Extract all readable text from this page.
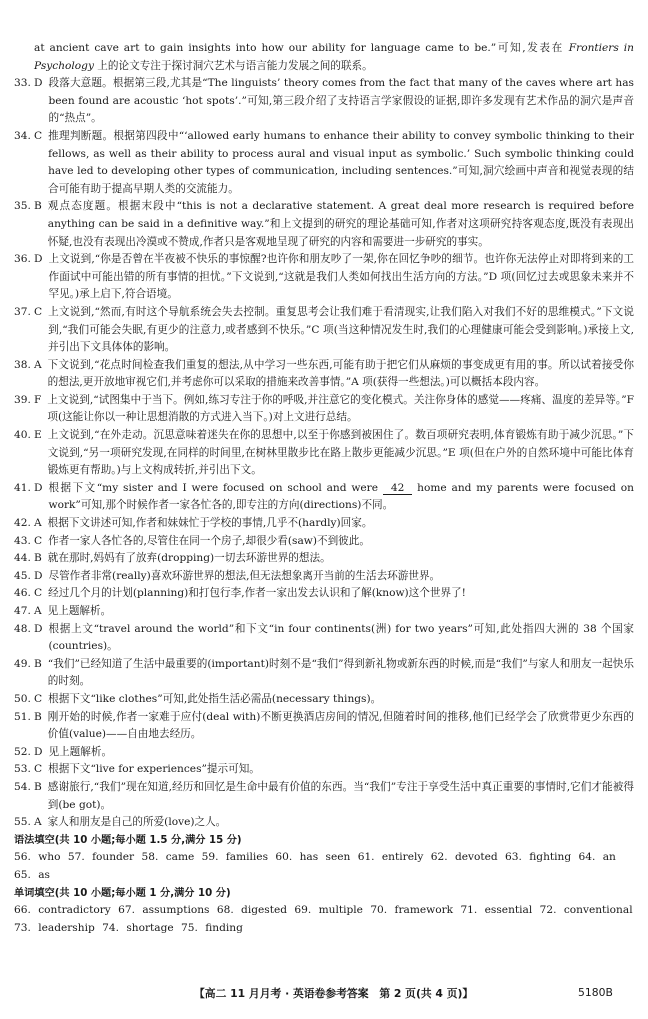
at ancient cave art to gain insights into how our ability for language came to be.”可知,发表在 Frontiers in Psychology 上的论文专注于探讨洞穴艺术与语言能力发展之间的联系。
33. D 段落大意题。根据第三段,尤其是“The linguists’ theory comes from the fact that many of the caves where art has been found are acoustic ‘hot spots’.”可知,第三段介绍了支持语言学家假设的证据,即许多发现有艺术作品的洞穴是声音的“热点”。
34. C 推理判断题。根据第四段中“‘allowed early humans to enhance their ability to convey symbolic thinking to their fellows, as well as their ability to process aural and visual input as symbolic.’ Such symbolic thinking could have led to developing other types of communication, including sentences.”可知,洞穴绘画中声音和视觉表现的结合可能有助于提高早期人类的交流能力。
35. B 观点态度题。根据末段中“this is not a declarative statement. A great deal more research is required before anything can be said in a definitive way.”和上文提到的研究的理论基础可知,作者对这项研究持客观态度,既没有表现出怀疑,也没有表现出冷漠或不赞成,作者只是客观地呈现了研究的内容和需要进一步研究的事实。
36. D 上文说到,“你是否曾在半夜被不快乐的事惊醒?也许你和朋友吵了一架,你在回忆争吵的细节。也许你无法停止对即将到来的工作面试中可能出错的所有事情的担忧。”下文说到,“这就是我们人类如何找出生活方向的方法。”D 项(回忆过去或思象未来并不罕见。)承上启下,符合语境。
37. C 上文说到,“然而,有时这个导航系统会失去控制。重复思考会让我们难于看清现实,让我们陷入对我们不好的思维模式。”下文说到,“我们可能会失眠,有更少的注意力,或者感到不快乐。”C 项(当这种情况发生时,我们的心理健康可能会受到影响。)承接上文,并引出下文具体体的影响。
38. A 下文说到,“花点时间检查我们重复的想法,从中学习一些东西,可能有助于把它们从麻烦的事变成更有用的事。所以试着接受你的想法,更开放地审视它们,并考虑你可以采取的措施来改善事情。”A 项(获得一些想法。)可以概括本段内容。
39. F 上文说到,“试图集中于当下。例如,练习专注于你的呼吸,并注意它的变化模式。关注你身体的感觉——疼痛、温度的差异等。”F 项(这能让你以一种让思想消散的方式进入当下。)对上文进行总结。
40. E 上文说到,“在外走动。沉思意味着迷失在你的思想中,以至于你感到被困住了。数百项研究表明,体育锻炼有助于减少沉思。”下文说到,“另一项研究发现,在同样的时间里,在树林里散步比在路上散步更能减少沉思。”E 项(但在户外的自然环境中可能比体育锻炼更有帮助。)与上文构成转折,并引出下文。
41. D 根据下文“my sister and I were focused on school and were 42 home and my parents were focused on work”可知,那个时候作者一家各忙各的,即专注的方向(directions)不同。
42. A 根据下文讲述可知,作者和妹妹忙于学校的事情,几乎不(hardly)回家。
43. C 作者一家人各忙各的,尽管住在同一个房子,却很少看(saw)不到彼此。
44. B 就在那时,妈妈有了放弃(dropping)一切去环游世界的想法。
45. D 尽管作者非常(really)喜欢环游世界的想法,但无法想象离开当前的生活去环游世界。
46. C 经过几个月的计划(planning)和打包行李,作者一家出发去认识和了解(know)这个世界了!
47. A 见上题解析。
48. D 根据上文“travel around the world”和下文“in four continents(洲) for two years”可知,此处指四大洲的 38 个国家(countries)。
49. B “我们”已经知道了生活中最重要的(important)时刻不是“我们”得到新礼物或新东西的时候,而是“我们”与家人和朋友一起快乐的时刻。
50. C 根据下文“like clothes”可知,此处指生活必需品(necessary things)。
51. B 刚开始的时候,作者一家难于应付(deal with)不断更换酒店房间的情况,但随着时间的推移,他们已经学会了欣赏带更少东西的价值(value)——自由地去经历。
52. D 见上题解析。
53. C 根据下文“live for experiences”提示可知。
54. B 感谢旅行,“我们”现在知道,经历和回忆是生命中最有价值的东西。当“我们”专注于享受生活中真正重要的事情时,它们才能被得到(be got)。
55. A 家人和朋友是自己的所爱(love)之人。
语法填空(共 10 小题;每小题 1.5 分,满分 15 分)
56. who 57. founder 58. came 59. families 60. has seen 61. entirely 62. devoted 63. fighting 64. an 65. as
单词填空(共 10 小题;每小题 1 分,满分 10 分)
66. contradictory 67. assumptions 68. digested 69. multiple 70. framework 71. essential 72. conventional 73. leadership 74. shortage 75. finding
【高二 11 月月考 · 英语卷参考答案　第 2 页(共 4 页)】	5180B
